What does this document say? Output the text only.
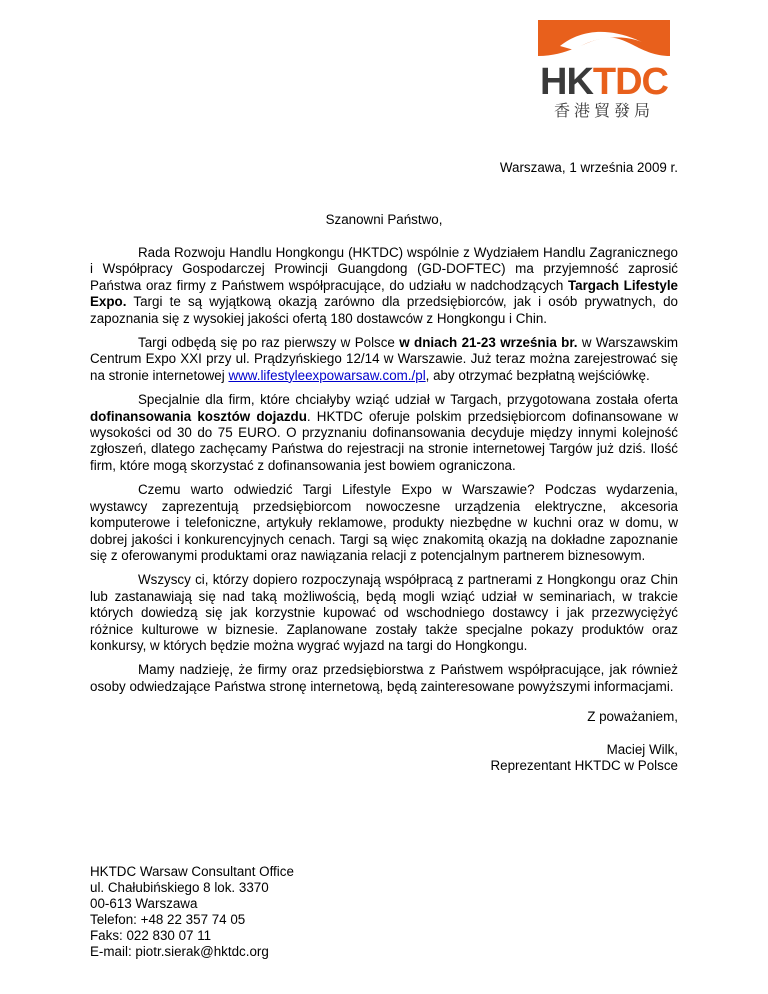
HKTDC
香港貿發局
Warszawa, 1 września 2009 r.
Szanowni Państwo,

Rada Rozwoju Handlu Hongkongu (HKTDC) wspólnie z Wydziałem Handlu Zagranicznego i Współpracy Gospodarczej Prowincji Guangdong (GD-DOFTEC) ma przyjemność zaprosić Państwa oraz firmy z Państwem współpracujące, do udziału w nadchodzących Targach Lifestyle Expo. Targi te są wyjątkową okazją zarówno dla przedsiębiorców, jak i osób prywatnych, do zapoznania się z wysokiej jakości ofertą 180 dostawców z Hongkongu i Chin.

Targi odbędą się po raz pierwszy w Polsce w dniach 21-23 września br. w Warszawskim Centrum Expo XXI przy ul. Prądzyńskiego 12/14 w Warszawie. Już teraz można zarejestrować się na stronie internetowej www.lifestyleexpowarsaw.com./pl, aby otrzymać bezpłatną wejściówkę.

Specjalnie dla firm, które chciałyby wziąć udział w Targach, przygotowana została oferta dofinansowania kosztów dojazdu. HKTDC oferuje polskim przedsiębiorcom dofinansowane w wysokości od 30 do 75 EURO. O przyznaniu dofinansowania decyduje między innymi kolejność zgłoszeń, dlatego zachęcamy Państwa do rejestracji na stronie internetowej Targów już dziś. Ilość firm, które mogą skorzystać z dofinansowania jest bowiem ograniczona.

Czemu warto odwiedzić Targi Lifestyle Expo w Warszawie? Podczas wydarzenia, wystawcy zaprezentują przedsiębiorcom nowoczesne urządzenia elektryczne, akcesoria komputerowe i telefoniczne, artykuły reklamowe, produkty niezbędne w kuchni oraz w domu, w dobrej jakości i konkurencyjnych cenach. Targi są więc znakomitą okazją na dokładne zapoznanie się z oferowanymi produktami oraz nawiązania relacji z potencjalnym partnerem biznesowym.

Wszyscy ci, którzy dopiero rozpoczynają współpracą z partnerami z Hongkongu oraz Chin lub zastanawiają się nad taką możliwością, będą mogli wziąć udział w seminariach, w trakcie których dowiedzą się jak korzystnie kupować od wschodniego dostawcy i jak przezwyciężyć różnice kulturowe w biznesie. Zaplanowane zostały także specjalne pokazy produktów oraz konkursy, w których będzie można wygrać wyjazd na targi do Hongkongu.

Mamy nadzieję, że firmy oraz przedsiębiorstwa z Państwem współpracujące, jak również osoby odwiedzające Państwa stronę internetową, będą zainteresowane powyższymi informacjami.

Z poważaniem,
Maciej Wilk,
Reprezentant HKTDC w Polsce
HKTDC Warsaw Consultant Office
ul. Chałubińskiego 8 lok. 3370
00-613 Warszawa
Telefon: +48 22 357 74 05
Faks: 022 830 07 11
E-mail: piotr.sierak@hktdc.org
